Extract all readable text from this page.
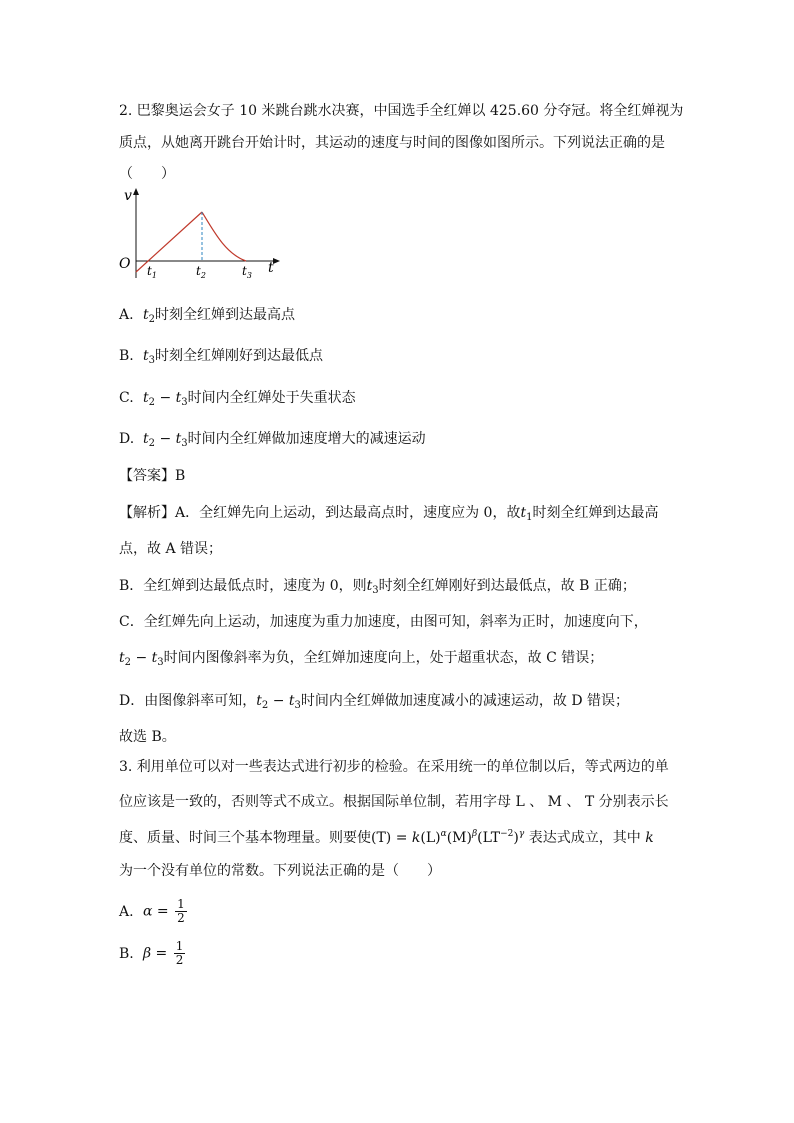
2. 巴黎奥运会女子 10 米跳台跳水决赛，中国选手全红婵以 425.60 分夺冠。将全红婵视为
质点，从她离开跳台开始计时，其运动的速度与时间的图像如图所示。下列说法正确的是
（　　）
v
O	t
$t_1$	$t_2$	$t_3$
A. $t_2$时刻全红婵到达最高点
B. $t_3$时刻全红婵刚好到达最低点
C. $t_2 - t_3$时间内全红婵处于失重状态
D. $t_2 - t_3$时间内全红婵做加速度增大的减速运动
【答案】B
【解析】A．全红婵先向上运动，到达最高点时，速度应为 0，故$t_1$时刻全红婵到达最高
点，故 A 错误；
B．全红婵到达最低点时，速度为 0，则$t_3$时刻全红婵刚好到达最低点，故 B 正确；
C．全红婵先向上运动，加速度为重力加速度，由图可知，斜率为正时，加速度向下，
$t_2 - t_3$时间内图像斜率为负，全红婵加速度向上，处于超重状态，故 C 错误；
D．由图像斜率可知，$t_2 - t_3$时间内全红婵做加速度减小的减速运动，故 D 错误；
故选 B。
3. 利用单位可以对一些表达式进行初步的检验。在采用统一的单位制以后，等式两边的单
位应该是一致的，否则等式不成立。根据国际单位制，若用字母 L 、 M 、 T 分别表示长
度、质量、时间三个基本物理量。则要使$(T) = k(L)^\alpha(M)^\beta(LT^{-2})^\gamma$ 表达式成立，其中 k
为一个没有单位的常数。下列说法正确的是（　　）
A. $\alpha = \frac{1}{2}$
B. $\beta = \frac{1}{2}$
